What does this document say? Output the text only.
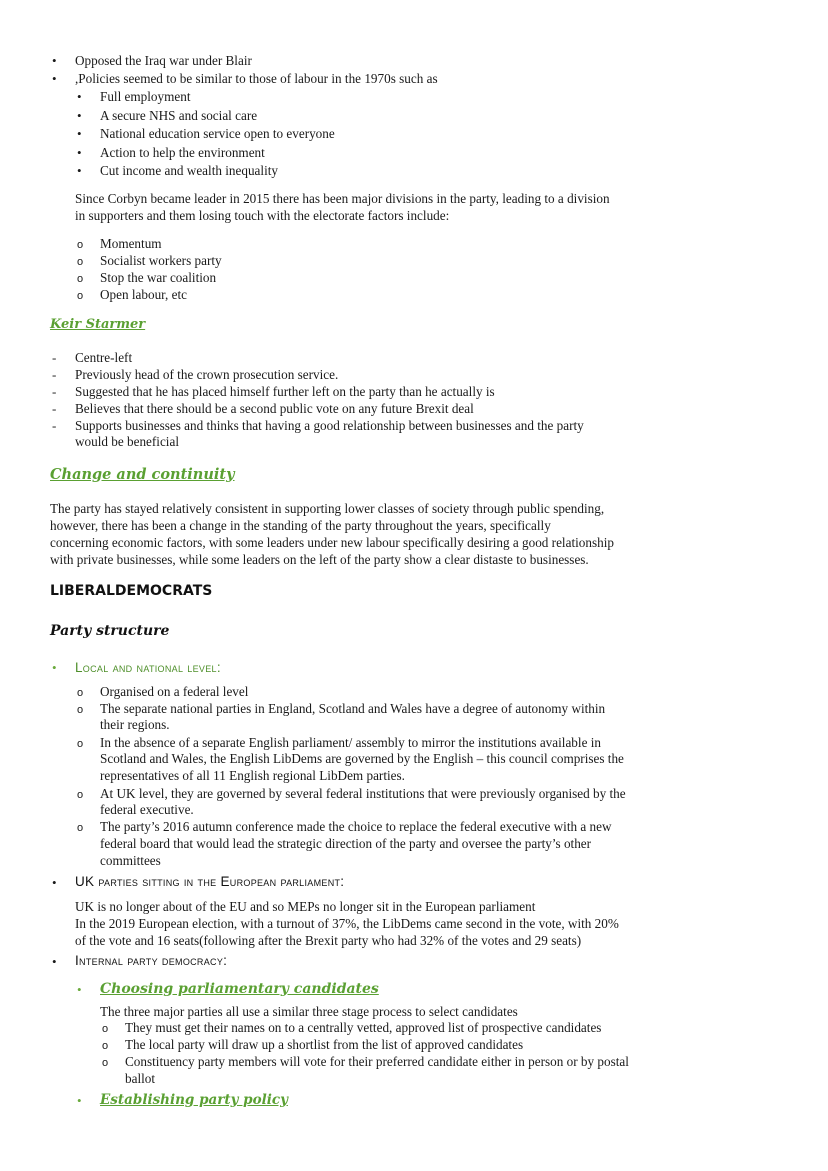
•
Opposed the Iraq war under Blair
•
,Policies seemed to be similar to those of labour in the 1970s such as
•
Full employment
•
A secure NHS and social care
•
National education service open to everyone
•
Action to help the environment
•
Cut income and wealth inequality
Since Corbyn became leader in 2015 there has been major divisions in the party, leading to a division
in supporters and them losing touch with the electorate factors include:
o
Momentum
o
Socialist workers party
o
Stop the war coalition
o
Open labour, etc
Keir Starmer
-
Centre-left
-
Previously head of the crown prosecution service.
-
Suggested that he has placed himself further left on the party than he actually is
-
Believes that there should be a second public vote on any future Brexit deal
-
Supports businesses and thinks that having a good relationship between businesses and the party
would be beneficial
Change and continuity
The party has stayed relatively consistent in supporting lower classes of society through public spending,
however, there has been a change in the standing of the party throughout the years, specifically
concerning economic factors, with some leaders under new labour specifically desiring a good relationship
with private businesses, while some leaders on the left of the party show a clear distaste to businesses.
LIBERALDEMOCRATS
Party structure
•
Local and national level:
o
Organised on a federal level
o
The separate national parties in England, Scotland and Wales have a degree of autonomy within
their regions.
o
In the absence of a separate English parliament/ assembly to mirror the institutions available in
Scotland and Wales, the English LibDems are governed by the English – this council comprises the
representatives of all 11 English regional LibDem parties.
o
At UK level, they are governed by several federal institutions that were previously organised by the
federal executive.
o
The party’s 2016 autumn conference made the choice to replace the federal executive with a new
federal board that would lead the strategic direction of the party and oversee the party’s other
committees
•
UK parties sitting in the European parliament:
UK is no longer about of the EU and so MEPs no longer sit in the European parliament
In the 2019 European election, with a turnout of 37%, the LibDems came second in the vote, with 20%
of the vote and 16 seats(following after the Brexit party who had 32% of the votes and 29 seats)
•
Internal party democracy:
•
Choosing parliamentary candidates
The three major parties all use a similar three stage process to select candidates
o
They must get their names on to a centrally vetted, approved list of prospective candidates
o
The local party will draw up a shortlist from the list of approved candidates
o
Constituency party members will vote for their preferred candidate either in person or by postal
ballot
•
Establishing party policy
